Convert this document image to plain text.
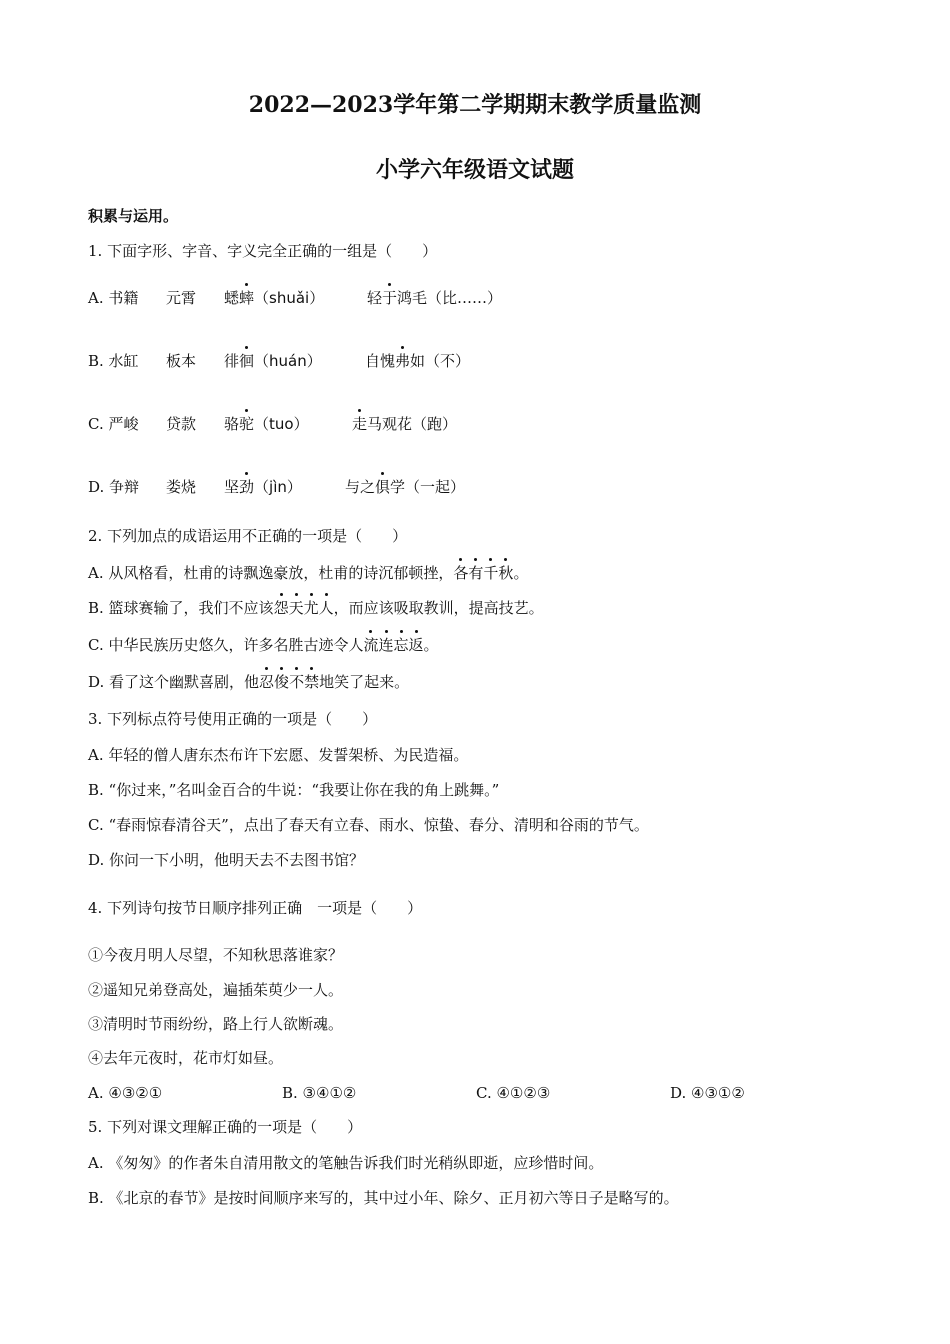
2022—2023学年第二学期期末教学质量监测
小学六年级语文试题
积累与运用。
1. 下面字形、字音、字义完全正确的一组是（　　）
A. 书籍 元霄 蟋蟀（shuǎi）	轻于鸿毛（比……）
B. 水缸 板本 徘徊（huán）	自愧弗如（不）
C. 严峻 贷款 骆驼（tuo）	走马观花（跑）
D. 争辩 娄烧 坚劲（jìn）	与之俱学（一起）
2. 下列加点的成语运用不正确的一项是（　　）
A. 从风格看，杜甫的诗飘逸豪放，杜甫的诗沉郁顿挫，各有千秋。
B. 篮球赛输了，我们不应该怨天尤人，而应该吸取教训，提高技艺。
C. 中华民族历史悠久，许多名胜古迹令人流连忘返。
D. 看了这个幽默喜剧，他忍俊不禁地笑了起来。
3. 下列标点符号使用正确的一项是（　　）
A. 年轻的僧人唐东杰布许下宏愿、发誓架桥、为民造福。
B. “你过来，”名叫金百合的牛说：“我要让你在我的角上跳舞。”
C. “春雨惊春清谷天”，点出了春天有立春、雨水、惊蛰、春分、清明和谷雨的节气。
D. 你问一下小明，他明天去不去图书馆？
4. 下列诗句按节日顺序排列正确　一项是（　　）
①今夜月明人尽望，不知秋思落谁家？
②遥知兄弟登高处，遍插茱萸少一人。
③清明时节雨纷纷，路上行人欲断魂。
④去年元夜时，花市灯如昼。
A. ④③②①	B. ③④①②	C. ④①②③	D. ④③①②
5. 下列对课文理解正确的一项是（　　）
A. 《匆匆》的作者朱自清用散文的笔触告诉我们时光稍纵即逝，应珍惜时间。
B. 《北京的春节》是按时间顺序来写的，其中过小年、除夕、正月初六等日子是略写的。
